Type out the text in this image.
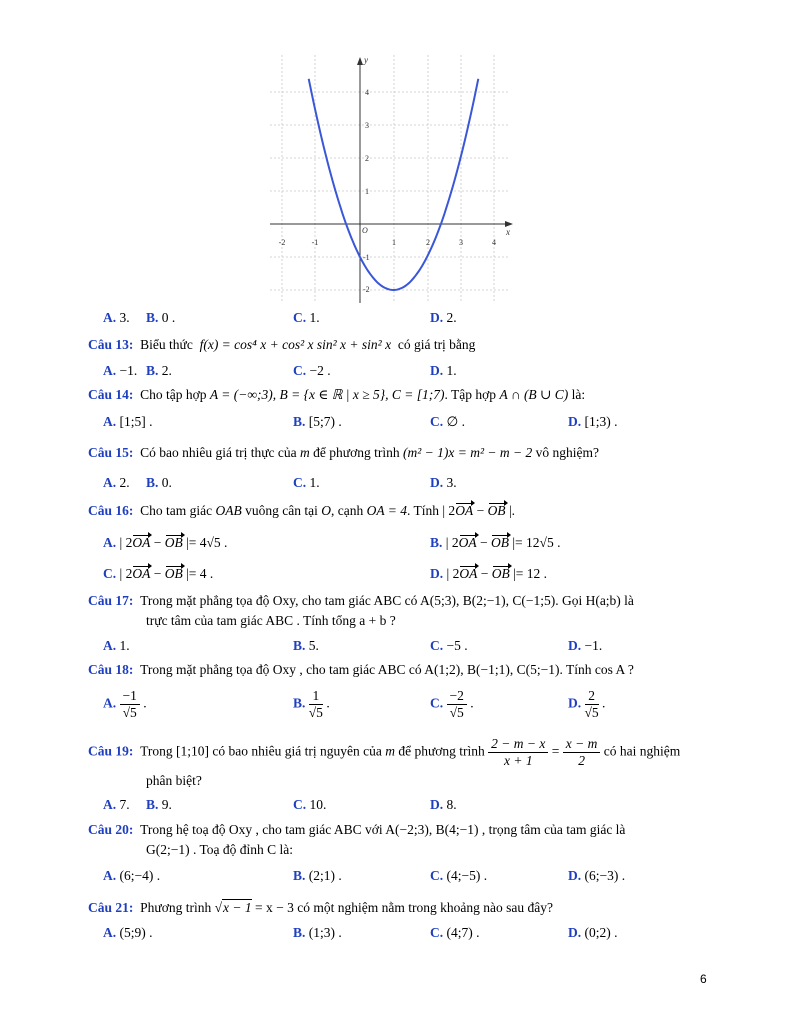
y
x
O
-2	-1	1	2	3	4
4
3
2
1
-1
-2
A. 3. B. 0 .	C. 1.	D. 2.
Câu 13: Biểu thức f(x) = cos⁴ x + cos² x sin² x + sin² x có giá trị bằng
A. −1. B. 2.	C. −2 .	D. 1.
Câu 14: Cho tập hợp A = (−∞;3), B = {x ∈ ℝ | x ≥ 5}, C = [1;7). Tập hợp A ∩ (B ∪ C) là:
A. [1;5] .	B. [5;7) .	C. ∅ .	D. [1;3) .
Câu 15: Có bao nhiêu giá trị thực của m để phương trình (m² − 1)x = m² − m − 2 vô nghiệm?
A. 2. B. 0.	C. 1.	D. 3.
Câu 16: Cho tam giác OAB vuông cân tại O, cạnh OA = 4. Tính | 2OA − OB |.
A. | 2OA − OB |= 4√5 .	B. | 2OA − OB |= 12√5 .
C. | 2OA − OB |= 4 .	D. | 2OA − OB |= 12 .
Câu 17: Trong mặt phẳng tọa độ Oxy, cho tam giác ABC có A(5;3), B(2;−1), C(−1;5). Gọi H(a;b) là
trực tâm của tam giác ABC . Tính tổng a + b ?
A. 1.	B. 5.	C. −5 .	D. −1.
Câu 18: Trong mặt phẳng tọa độ Oxy , cho tam giác ABC có A(1;2), B(−1;1), C(5;−1). Tính cos A ?
A. $\frac{-1}{√5}$ .	B. $\frac{1}{√5}$ .	C. $\frac{-2}{√5}$ .	D. $\frac{2}{√5}$ .
Câu 19: Trong [1;10] có bao nhiêu giá trị nguyên của m để phương trình $\frac{2 - m - x}{x + 1} = \frac{x - m}{2}$ có hai nghiệm
phân biệt?
A. 7. B. 9.	C. 10.	D. 8.
Câu 20: Trong hệ toạ độ Oxy , cho tam giác ABC với A(−2;3), B(4;−1) , trọng tâm của tam giác là
G(2;−1) . Toạ độ đỉnh C là:
A. (6;−4) .	B. (2;1) .	C. (4;−5) .	D. (6;−3) .
Câu 21: Phương trình √x − 1 = x − 3 có một nghiệm nằm trong khoảng nào sau đây?
A. (5;9) .	B. (1;3) .	C. (4;7) .	D. (0;2) .
6
